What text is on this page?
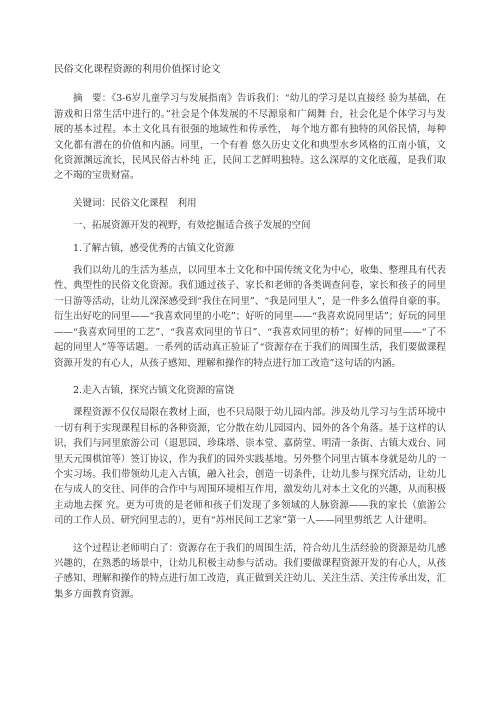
民俗文化课程资源的利用价值探讨论文

摘　要：《3-6岁儿童学习与发展指南》告诉我们：“幼儿的学习是以直接经 验为基础，在游戏和日常生活中进行的。”社会是个体发展的不尽源泉和广阔舞 台，社会化是个体学习与发展的基本过程。本土文化具有很强的地域性和传承性， 每个地方都有独特的风俗民情，每种文化都有潜在的价值和内涵。同里，一个有着 悠久历史文化和典型水乡风格的江南小镇，文化资源渊远流长，民风民俗古朴纯 正，民间工艺鲜明独特。这么深厚的文化底蕴，是我们取之不竭的宝贵财富。

关键词：民俗文化课程　利用

一、拓展资源开发的视野，有效挖掘适合孩子发展的空间

1.了解古镇，感受优秀的古镇文化资源

我们以幼儿的生活为基点，以同里本土文化和中国传统文化为中心，收集、整理具有代表性、典型性的民俗文化资源。我们通过孩子、家长和老师的各类调查问卷，家长和孩子的同里一日游等活动，让幼儿深深感受到“我住在同里”、“我是同里人”，是一件多么值得自豪的事。衍生出好吃的同里——“我喜欢同里的小吃”；好听的同里——“我喜欢说同里话”；好玩的同里——“我喜欢同里的工艺”、“我喜欢同里的节日”、“我喜欢同里的桥”；好棒的同里——“了不起的同里人”等等话题。一系列的活动真正验证了“资源存在于我们的周围生活，我们要做课程资源开发的有心人，从孩子感知、理解和操作的特点进行加工改造”这句话的内涵。

2.走入古镇，探究古镇文化资源的富饶

课程资源不仅仅局限在教材上面，也不只局限于幼儿园内部。涉及幼儿学习与生活环境中一切有利于实现课程目标的各种资源，它分散在幼儿园园内、园外的各个角落。基于这样的认识，我们与同里旅游公司（退思园、珍珠塔、崇本堂、嘉荫堂、明清一条街、古镇大戏台、同里天元围棋馆等）签订协议，作为我们的园外实践基地。另外整个同里古镇本身就是幼儿的一个实习场。我们带领幼儿走入古镇，融入社会，创造一切条件，让幼儿参与探究活动，让幼儿在与成人的交往、同伴的合作中与周围环境相互作用，激发幼儿对本土文化的兴趣，从而积极主动地去探 究。更为可贵的是老师和孩子们发现了多领域的人脉资源——我的家长（旅游公 司的工作人员、研究同里志的），更有“苏州民间工艺家”第一人——同里剪纸艺 人计建明。

这个过程让老师明白了：资源存在于我们的周围生活，符合幼儿生活经验的资源是幼儿感兴趣的，在熟悉的场景中，让幼儿积极主动参与活动。我们要做课程资源开发的有心人，从孩子感知、理解和操作的特点进行加工改造，真正做到关注幼儿、关注生活、关注传承出发，汇集多方面教育资源。
